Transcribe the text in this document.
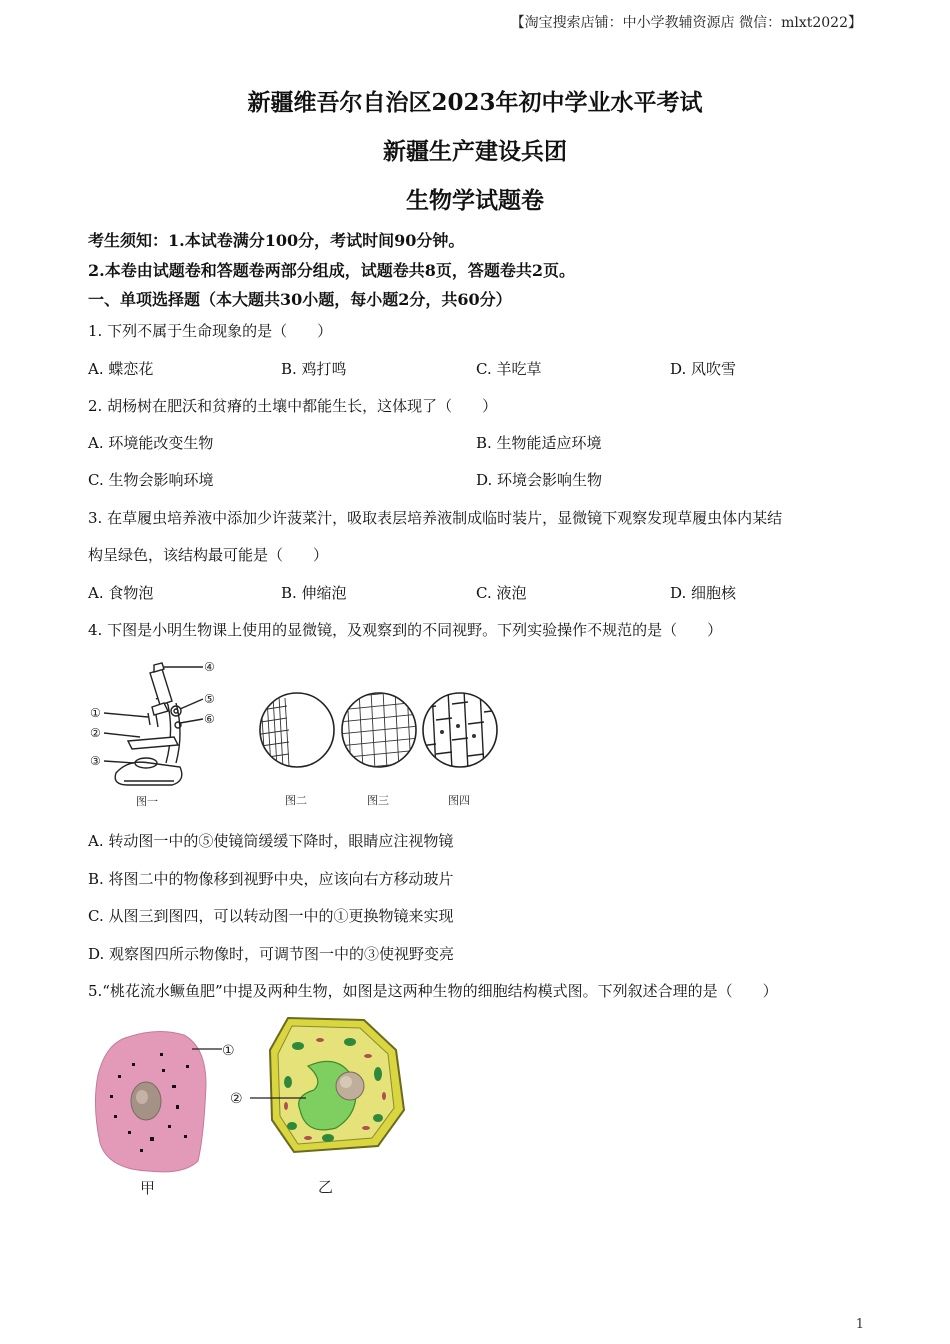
【淘宝搜索店铺：中小学教辅资源店 微信：mlxt2022】
新疆维吾尔自治区2023年初中学业水平考试
新疆生产建设兵团
生物学试题卷
考生须知：1.本试卷满分100分，考试时间90分钟。
2.本卷由试题卷和答题卷两部分组成，试题卷共8页，答题卷共2页。
一、单项选择题（本大题共30小题，每小题2分，共60分）
1. 下列不属于生命现象的是（　　）
A. 蝶恋花	B. 鸡打鸣	C. 羊吃草	D. 风吹雪
2. 胡杨树在肥沃和贫瘠的土壤中都能生长，这体现了（　　）
A. 环境能改变生物	B. 生物能适应环境
C. 生物会影响环境	D. 环境会影响生物
3. 在草履虫培养液中添加少许菠菜汁，吸取表层培养液制成临时装片，显微镜下观察发现草履虫体内某结
构呈绿色，该结构最可能是（　　）
A. 食物泡	B. 伸缩泡	C. 液泡	D. 细胞核
4. 下图是小明生物课上使用的显微镜，及观察到的不同视野。下列实验操作不规范的是（　　）
①
②
③
④
⑤
⑥
图一	图二	图三	图四
A. 转动图一中的⑤使镜筒缓缓下降时，眼睛应注视物镜
B. 将图二中的物像移到视野中央，应该向右方移动玻片
C. 从图三到图四，可以转动图一中的①更换物镜来实现
D. 观察图四所示物像时，可调节图一中的③使视野变亮
5.“桃花流水鳜鱼肥”中提及两种生物，如图是这两种生物的细胞结构模式图。下列叙述合理的是（　　）
①
甲
②
乙
1
